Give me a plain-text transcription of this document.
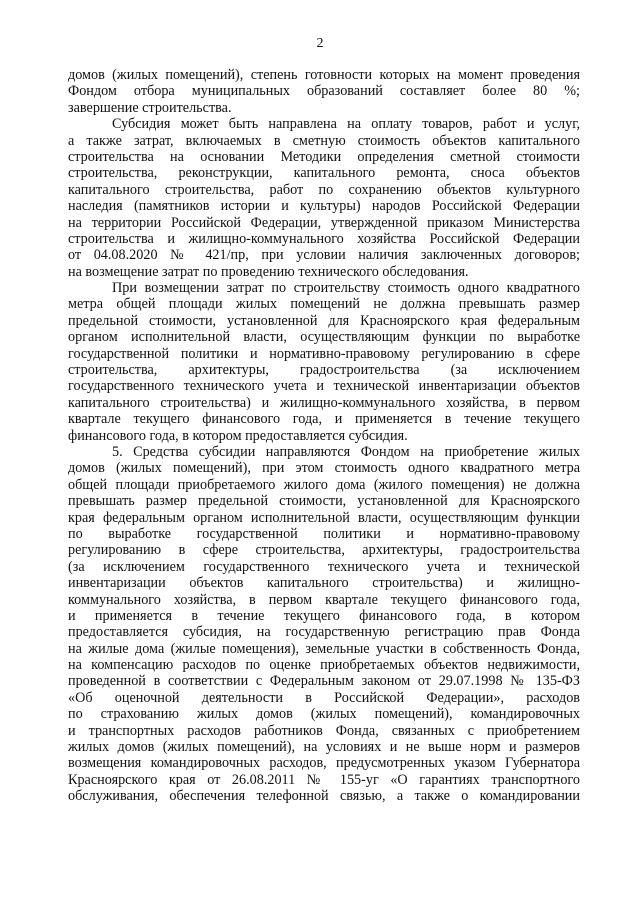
2
домов (жилых помещений), степень готовности которых на момент проведения
Фондом отбора муниципальных образований составляет более 80 %;
завершение строительства.
Субсидия может быть направлена на оплату товаров, работ и услуг,
а также затрат, включаемых в сметную стоимость объектов капитального
строительства на основании Методики определения сметной стоимости
строительства, реконструкции, капитального ремонта, сноса объектов
капитального строительства, работ по сохранению объектов культурного
наследия (памятников истории и культуры) народов Российской Федерации
на территории Российской Федерации, утвержденной приказом Министерства
строительства и жилищно-коммунального хозяйства Российской Федерации
от 04.08.2020 № 421/пр, при условии наличия заключенных договоров;
на возмещение затрат по проведению технического обследования.
При возмещении затрат по строительству стоимость одного квадратного
метра общей площади жилых помещений не должна превышать размер
предельной стоимости, установленной для Красноярского края федеральным
органом исполнительной власти, осуществляющим функции по выработке
государственной политики и нормативно-правовому регулированию в сфере
строительства, архитектуры, градостроительства (за исключением
государственного технического учета и технической инвентаризации объектов
капитального строительства) и жилищно-коммунального хозяйства, в первом
квартале текущего финансового года, и применяется в течение текущего
финансового года, в котором предоставляется субсидия.
5. Средства субсидии направляются Фондом на приобретение жилых
домов (жилых помещений), при этом стоимость одного квадратного метра
общей площади приобретаемого жилого дома (жилого помещения) не должна
превышать размер предельной стоимости, установленной для Красноярского
края федеральным органом исполнительной власти, осуществляющим функции
по выработке государственной политики и нормативно-правовому
регулированию в сфере строительства, архитектуры, градостроительства
(за исключением государственного технического учета и технической
инвентаризации объектов капитального строительства) и жилищно-
коммунального хозяйства, в первом квартале текущего финансового года,
и применяется в течение текущего финансового года, в котором
предоставляется субсидия, на государственную регистрацию прав Фонда
на жилые дома (жилые помещения), земельные участки в собственность Фонда,
на компенсацию расходов по оценке приобретаемых объектов недвижимости,
проведенной в соответствии с Федеральным законом от 29.07.1998 № 135-ФЗ
«Об оценочной деятельности в Российской Федерации», расходов
по страхованию жилых домов (жилых помещений), командировочных
и транспортных расходов работников Фонда, связанных с приобретением
жилых домов (жилых помещений), на условиях и не выше норм и размеров
возмещения командировочных расходов, предусмотренных указом Губернатора
Красноярского края от 26.08.2011 № 155-уг «О гарантиях транспортного
обслуживания, обеспечения телефонной связью, а также о командировании
